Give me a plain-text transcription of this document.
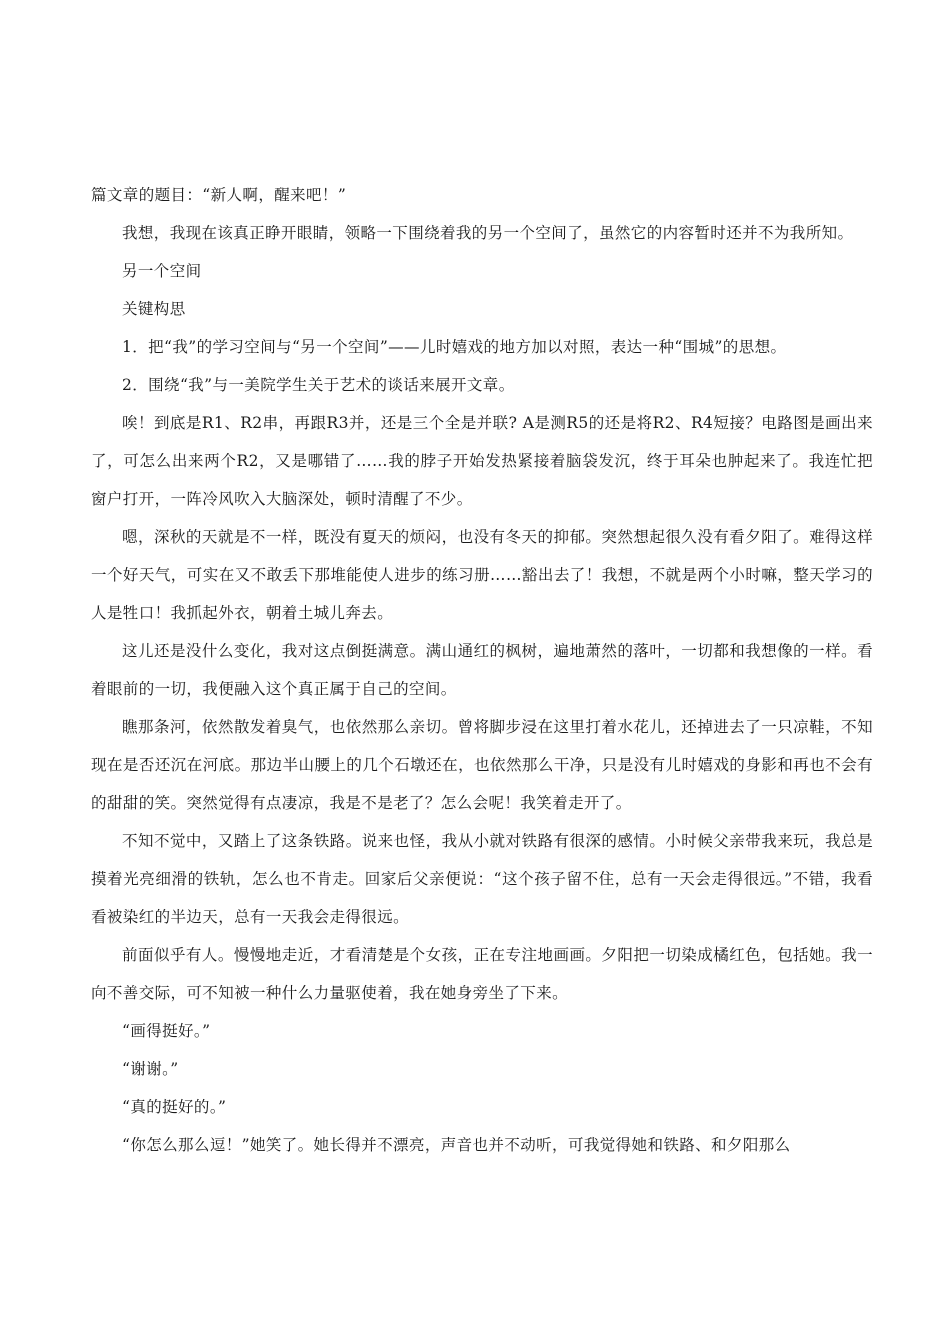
篇文章的题目：“新人啊，醒来吧！”

我想，我现在该真正睁开眼睛，领略一下围绕着我的另一个空间了，虽然它的内容暂时还并不为我所知。

另一个空间

关键构思

1．把“我”的学习空间与“另一个空间”——儿时嬉戏的地方加以对照，表达一种“围城”的思想。

2．围绕“我”与一美院学生关于艺术的谈话来展开文章。

唉！到底是R1、R2串，再跟R3并，还是三个全是并联? A是测R5的还是将R2、R4短接？电路图是画出来了，可怎么出来两个R2，又是哪错了……我的脖子开始发热紧接着脑袋发沉，终于耳朵也肿起来了。我连忙把窗户打开，一阵冷风吹入大脑深处，顿时清醒了不少。

嗯，深秋的天就是不一样，既没有夏天的烦闷，也没有冬天的抑郁。突然想起很久没有看夕阳了。难得这样一个好天气，可实在又不敢丢下那堆能使人进步的练习册……豁出去了！我想，不就是两个小时嘛，整天学习的人是牲口！我抓起外衣，朝着土城儿奔去。

这儿还是没什么变化，我对这点倒挺满意。满山通红的枫树，遍地萧然的落叶，一切都和我想像的一样。看着眼前的一切，我便融入这个真正属于自己的空间。

瞧那条河，依然散发着臭气，也依然那么亲切。曾将脚步浸在这里打着水花儿，还掉进去了一只凉鞋，不知现在是否还沉在河底。那边半山腰上的几个石墩还在，也依然那么干净，只是没有儿时嬉戏的身影和再也不会有的甜甜的笑。突然觉得有点凄凉，我是不是老了？怎么会呢！我笑着走开了。

不知不觉中，又踏上了这条铁路。说来也怪，我从小就对铁路有很深的感情。小时候父亲带我来玩，我总是摸着光亮细滑的铁轨，怎么也不肯走。回家后父亲便说：“这个孩子留不住，总有一天会走得很远。”不错，我看看被染红的半边天，总有一天我会走得很远。

前面似乎有人。慢慢地走近，才看清楚是个女孩，正在专注地画画。夕阳把一切染成橘红色，包括她。我一向不善交际，可不知被一种什么力量驱使着，我在她身旁坐了下来。

“画得挺好。”

“谢谢。”

“真的挺好的。”

“你怎么那么逗！”她笑了。她长得并不漂亮，声音也并不动听，可我觉得她和铁路、和夕阳那么
